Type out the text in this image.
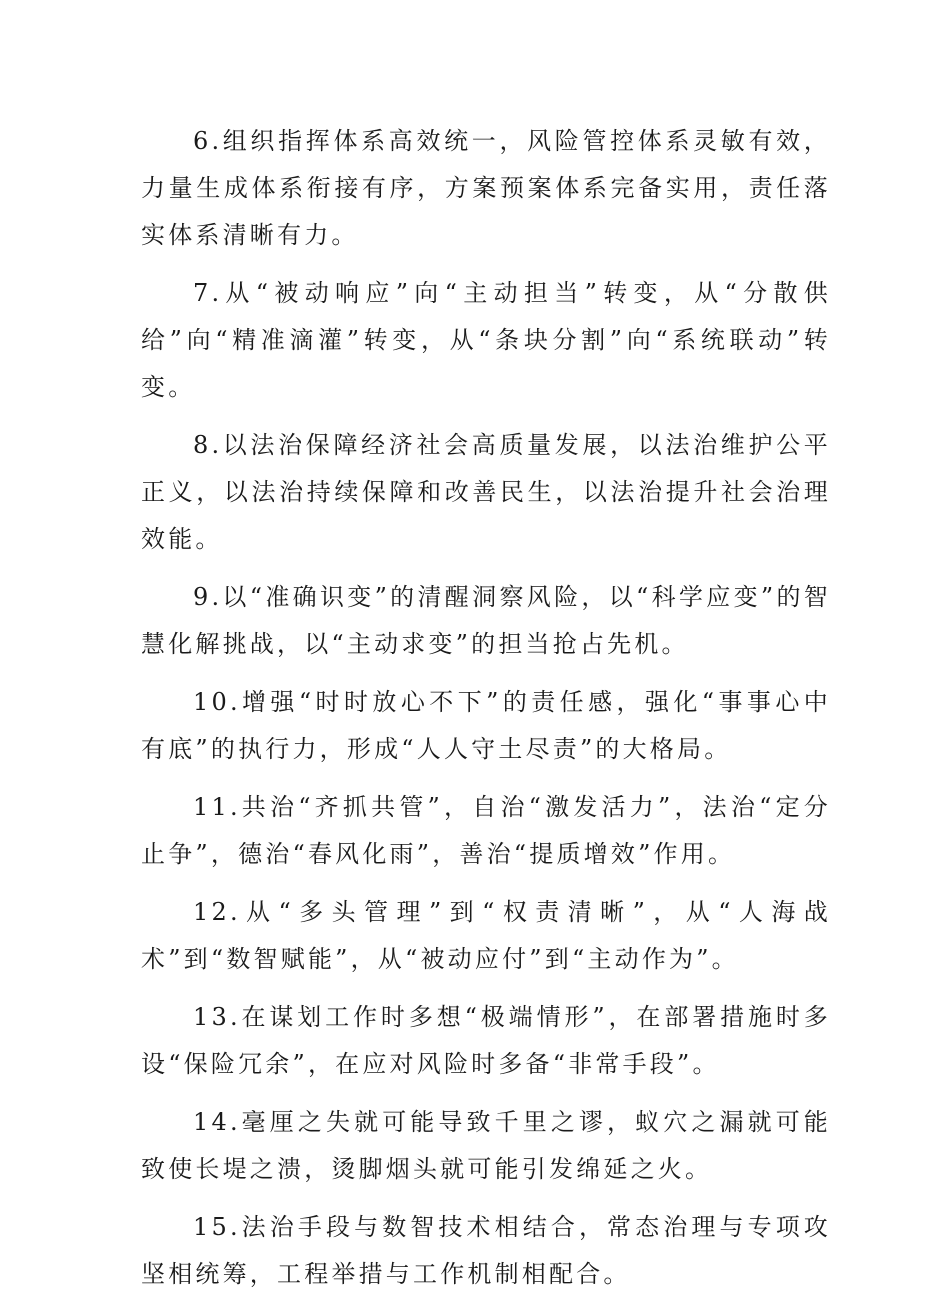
6.组织指挥体系高效统一，风险管控体系灵敏有效，力量生成体系衔接有序，方案预案体系完备实用，责任落实体系清晰有力。

7.从“被动响应”向“主动担当”转变，从“分散供给”向“精准滴灌”转变，从“条块分割”向“系统联动”转变。

8.以法治保障经济社会高质量发展，以法治维护公平正义，以法治持续保障和改善民生，以法治提升社会治理效能。

9.以“准确识变”的清醒洞察风险，以“科学应变”的智慧化解挑战，以“主动求变”的担当抢占先机。

10.增强“时时放心不下”的责任感，强化“事事心中有底”的执行力，形成“人人守土尽责”的大格局。

11.共治“齐抓共管”，自治“激发活力”，法治“定分止争”，德治“春风化雨”，善治“提质增效”作用。

12.从“多头管理”到“权责清晰”，从“人海战术”到“数智赋能”，从“被动应付”到“主动作为”。

13.在谋划工作时多想“极端情形”，在部署措施时多设“保险冗余”，在应对风险时多备“非常手段”。

14.毫厘之失就可能导致千里之谬，蚁穴之漏就可能致使长堤之溃，烫脚烟头就可能引发绵延之火。

15.法治手段与数智技术相结合，常态治理与专项攻坚相统筹，工程举措与工作机制相配合。
